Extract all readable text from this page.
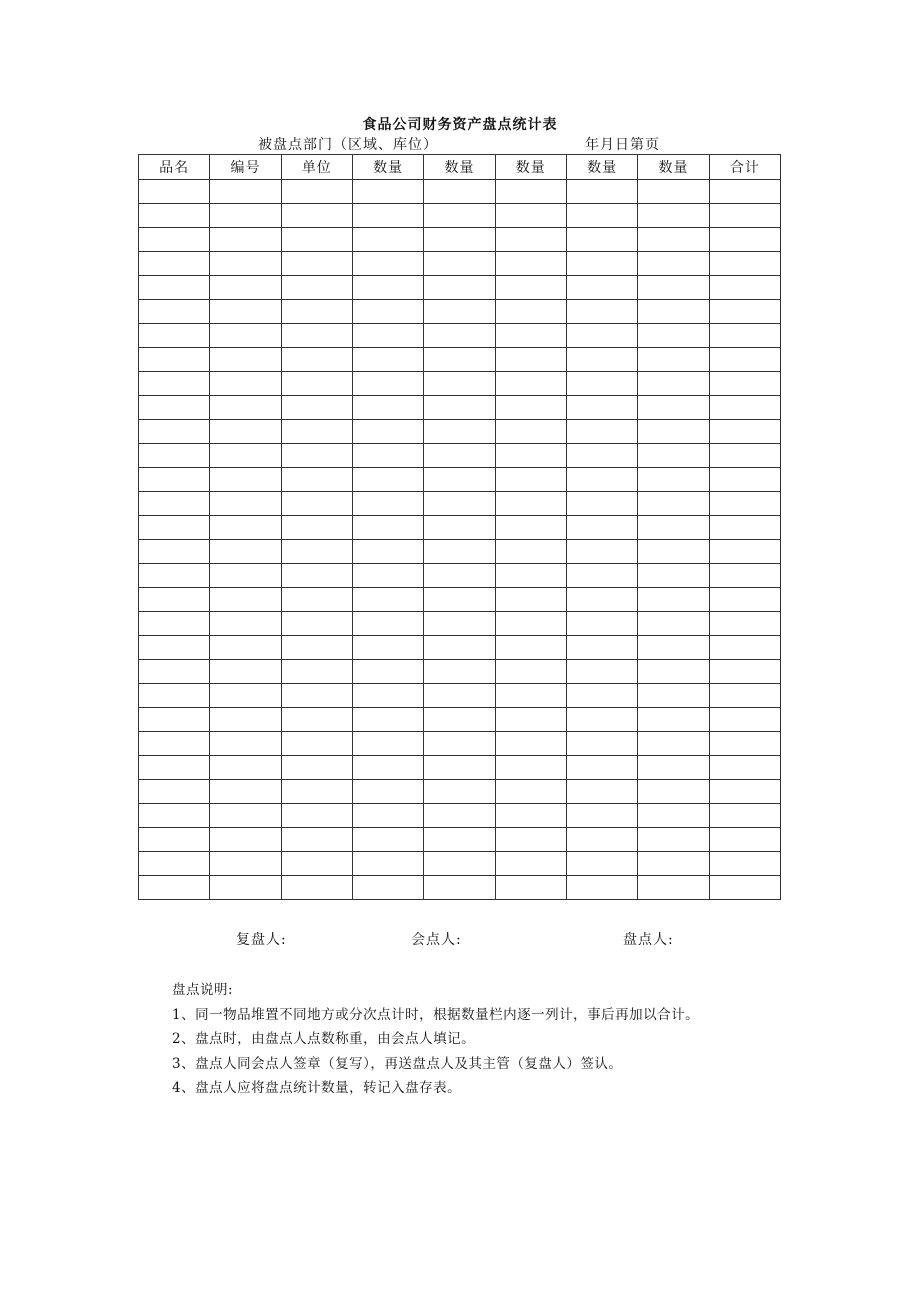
食品公司财务资产盘点统计表
被盘点部门（区域、库位）	年月日第页
品名	编号	单位	数量	数量	数量	数量	数量	合计

复盘人:	会点人:	盘点人:
盘点说明:
1、同一物品堆置不同地方或分次点计时，根据数量栏内逐一列计，事后再加以合计。
2、盘点时，由盘点人点数称重，由会点人填记。
3、盘点人同会点人签章（复写），再送盘点人及其主管（复盘人）签认。
4、盘点人应将盘点统计数量，转记入盘存表。
